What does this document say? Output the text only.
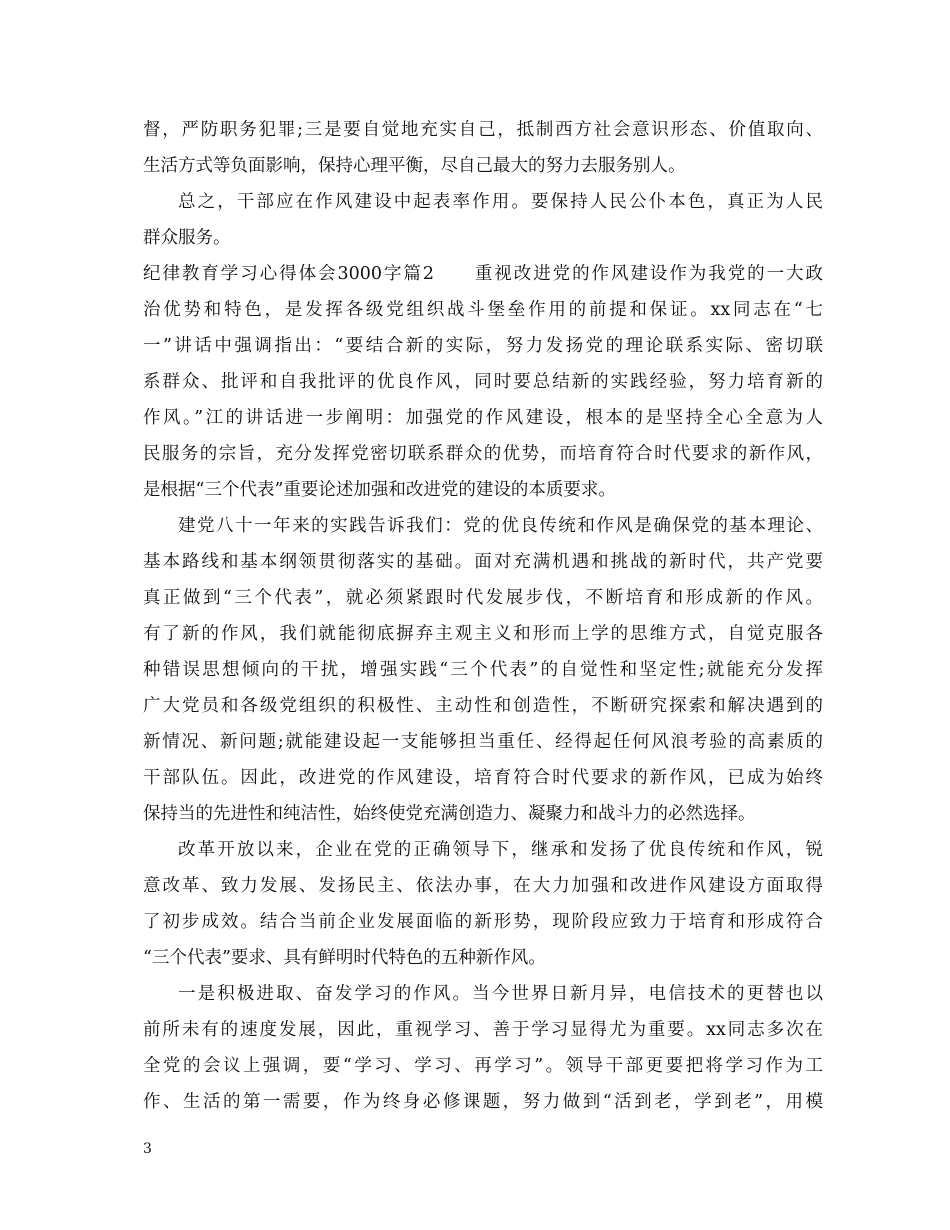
督，严防职务犯罪;三是要自觉地充实自己，抵制西方社会意识形态、价值取向、
生活方式等负面影响，保持心理平衡，尽自己最大的努力去服务别人。
总之，干部应在作风建设中起表率作用。要保持人民公仆本色，真正为人民
群众服务。
纪律教育学习心得体会3000字篇2　　重视改进党的作风建设作为我党的一大政
治优势和特色，是发挥各级党组织战斗堡垒作用的前提和保证。xx同志在“七
一”讲话中强调指出：“要结合新的实际，努力发扬党的理论联系实际、密切联
系群众、批评和自我批评的优良作风，同时要总结新的实践经验，努力培育新的
作风。”江的讲话进一步阐明：加强党的作风建设，根本的是坚持全心全意为人
民服务的宗旨，充分发挥党密切联系群众的优势，而培育符合时代要求的新作风，
是根据“三个代表”重要论述加强和改进党的建设的本质要求。
建党八十一年来的实践告诉我们：党的优良传统和作风是确保党的基本理论、
基本路线和基本纲领贯彻落实的基础。面对充满机遇和挑战的新时代，共产党要
真正做到“三个代表”，就必须紧跟时代发展步伐，不断培育和形成新的作风。
有了新的作风，我们就能彻底摒弃主观主义和形而上学的思维方式，自觉克服各
种错误思想倾向的干扰，增强实践“三个代表”的自觉性和坚定性;就能充分发挥
广大党员和各级党组织的积极性、主动性和创造性，不断研究探索和解决遇到的
新情况、新问题;就能建设起一支能够担当重任、经得起任何风浪考验的高素质的
干部队伍。因此，改进党的作风建设，培育符合时代要求的新作风，已成为始终
保持当的先进性和纯洁性，始终使党充满创造力、凝聚力和战斗力的必然选择。
改革开放以来，企业在党的正确领导下，继承和发扬了优良传统和作风，锐
意改革、致力发展、发扬民主、依法办事，在大力加强和改进作风建设方面取得
了初步成效。结合当前企业发展面临的新形势，现阶段应致力于培育和形成符合
“三个代表”要求、具有鲜明时代特色的五种新作风。
一是积极进取、奋发学习的作风。当今世界日新月异，电信技术的更替也以
前所未有的速度发展，因此，重视学习、善于学习显得尤为重要。xx同志多次在
全党的会议上强调，要“学习、学习、再学习”。领导干部更要把将学习作为工
作、生活的第一需要，作为终身必修课题，努力做到“活到老，学到老”，用模
3
